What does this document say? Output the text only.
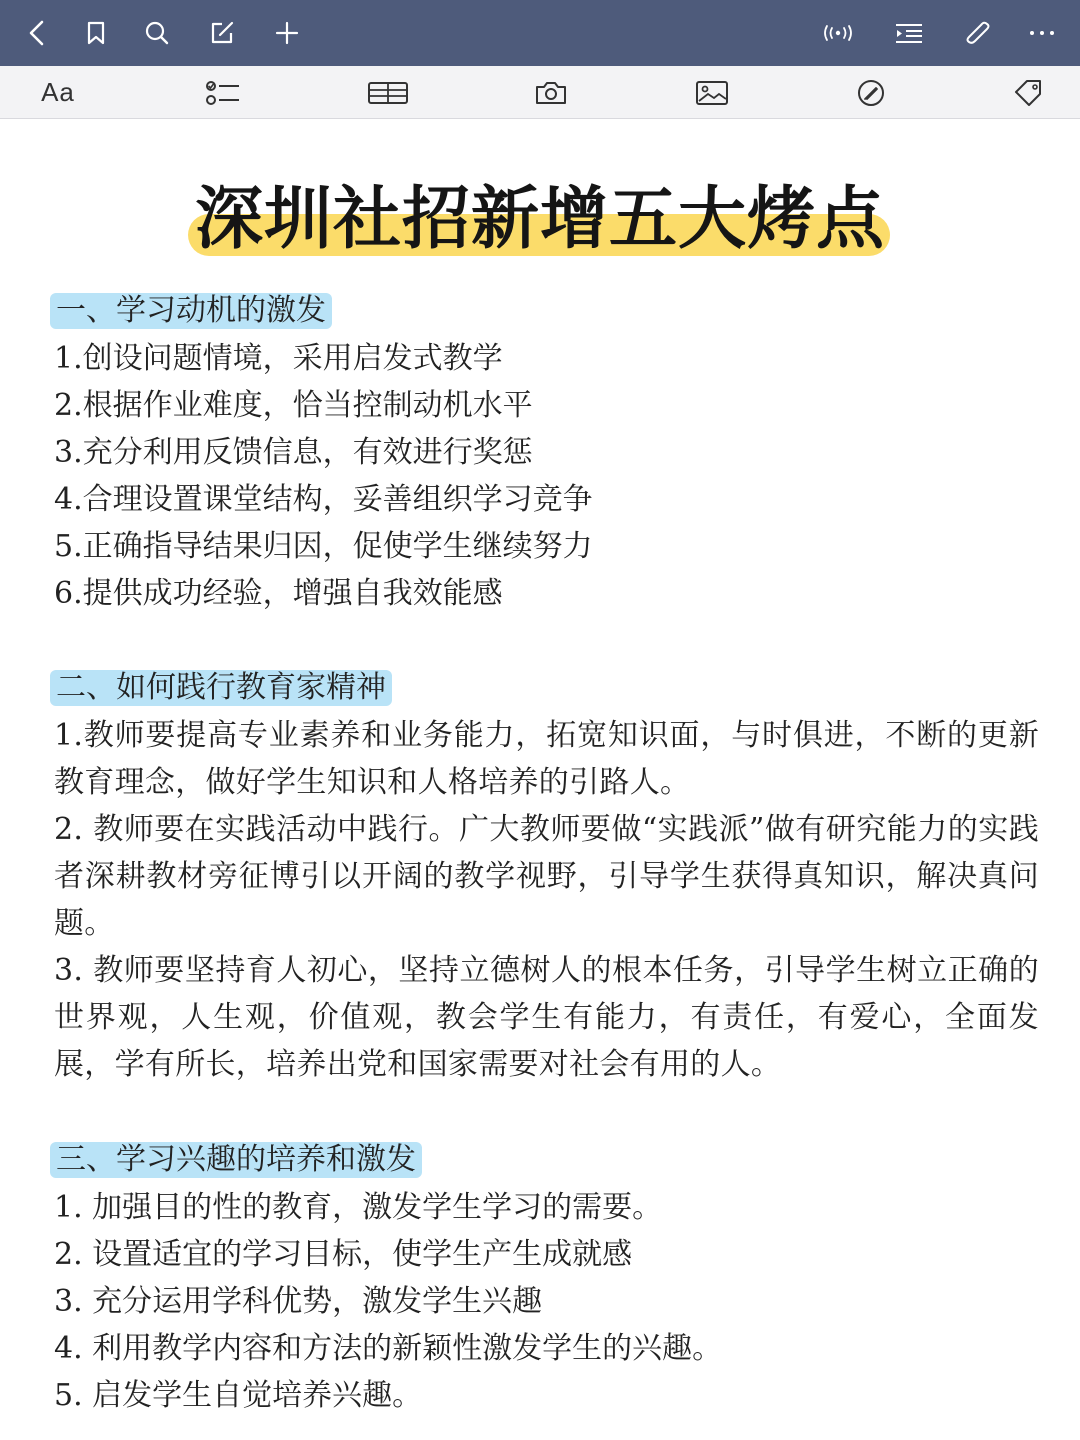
Aa
深圳社招新增五大烤点
一、学习动机的激发
1.创设问题情境，采用启发式教学
2.根据作业难度，恰当控制动机水平
3.充分利用反馈信息，有效进行奖惩
4.合理设置课堂结构，妥善组织学习竞争
5.正确指导结果归因，促使学生继续努力
6.提供成功经验，增强自我效能感
二、如何践行教育家精神
1.教师要提高专业素养和业务能力，拓宽知识面，与时俱进，不断的更新教育理念，做好学生知识和人格培养的引路人。
2. 教师要在实践活动中践行。广大教师要做“实践派”做有研究能力的实践者深耕教材旁征博引以开阔的教学视野，引导学生获得真知识，解决真问题。
3. 教师要坚持育人初心，坚持立德树人的根本任务，引导学生树立正确的世界观，人生观，价值观，教会学生有能力，有责任，有爱心，全面发展，学有所长，培养出党和国家需要对社会有用的人。
三、学习兴趣的培养和激发
1. 加强目的性的教育，激发学生学习的需要。
2. 设置适宜的学习目标，使学生产生成就感
3. 充分运用学科优势，激发学生兴趣
4. 利用教学内容和方法的新颖性激发学生的兴趣。
5. 启发学生自觉培养兴趣。
